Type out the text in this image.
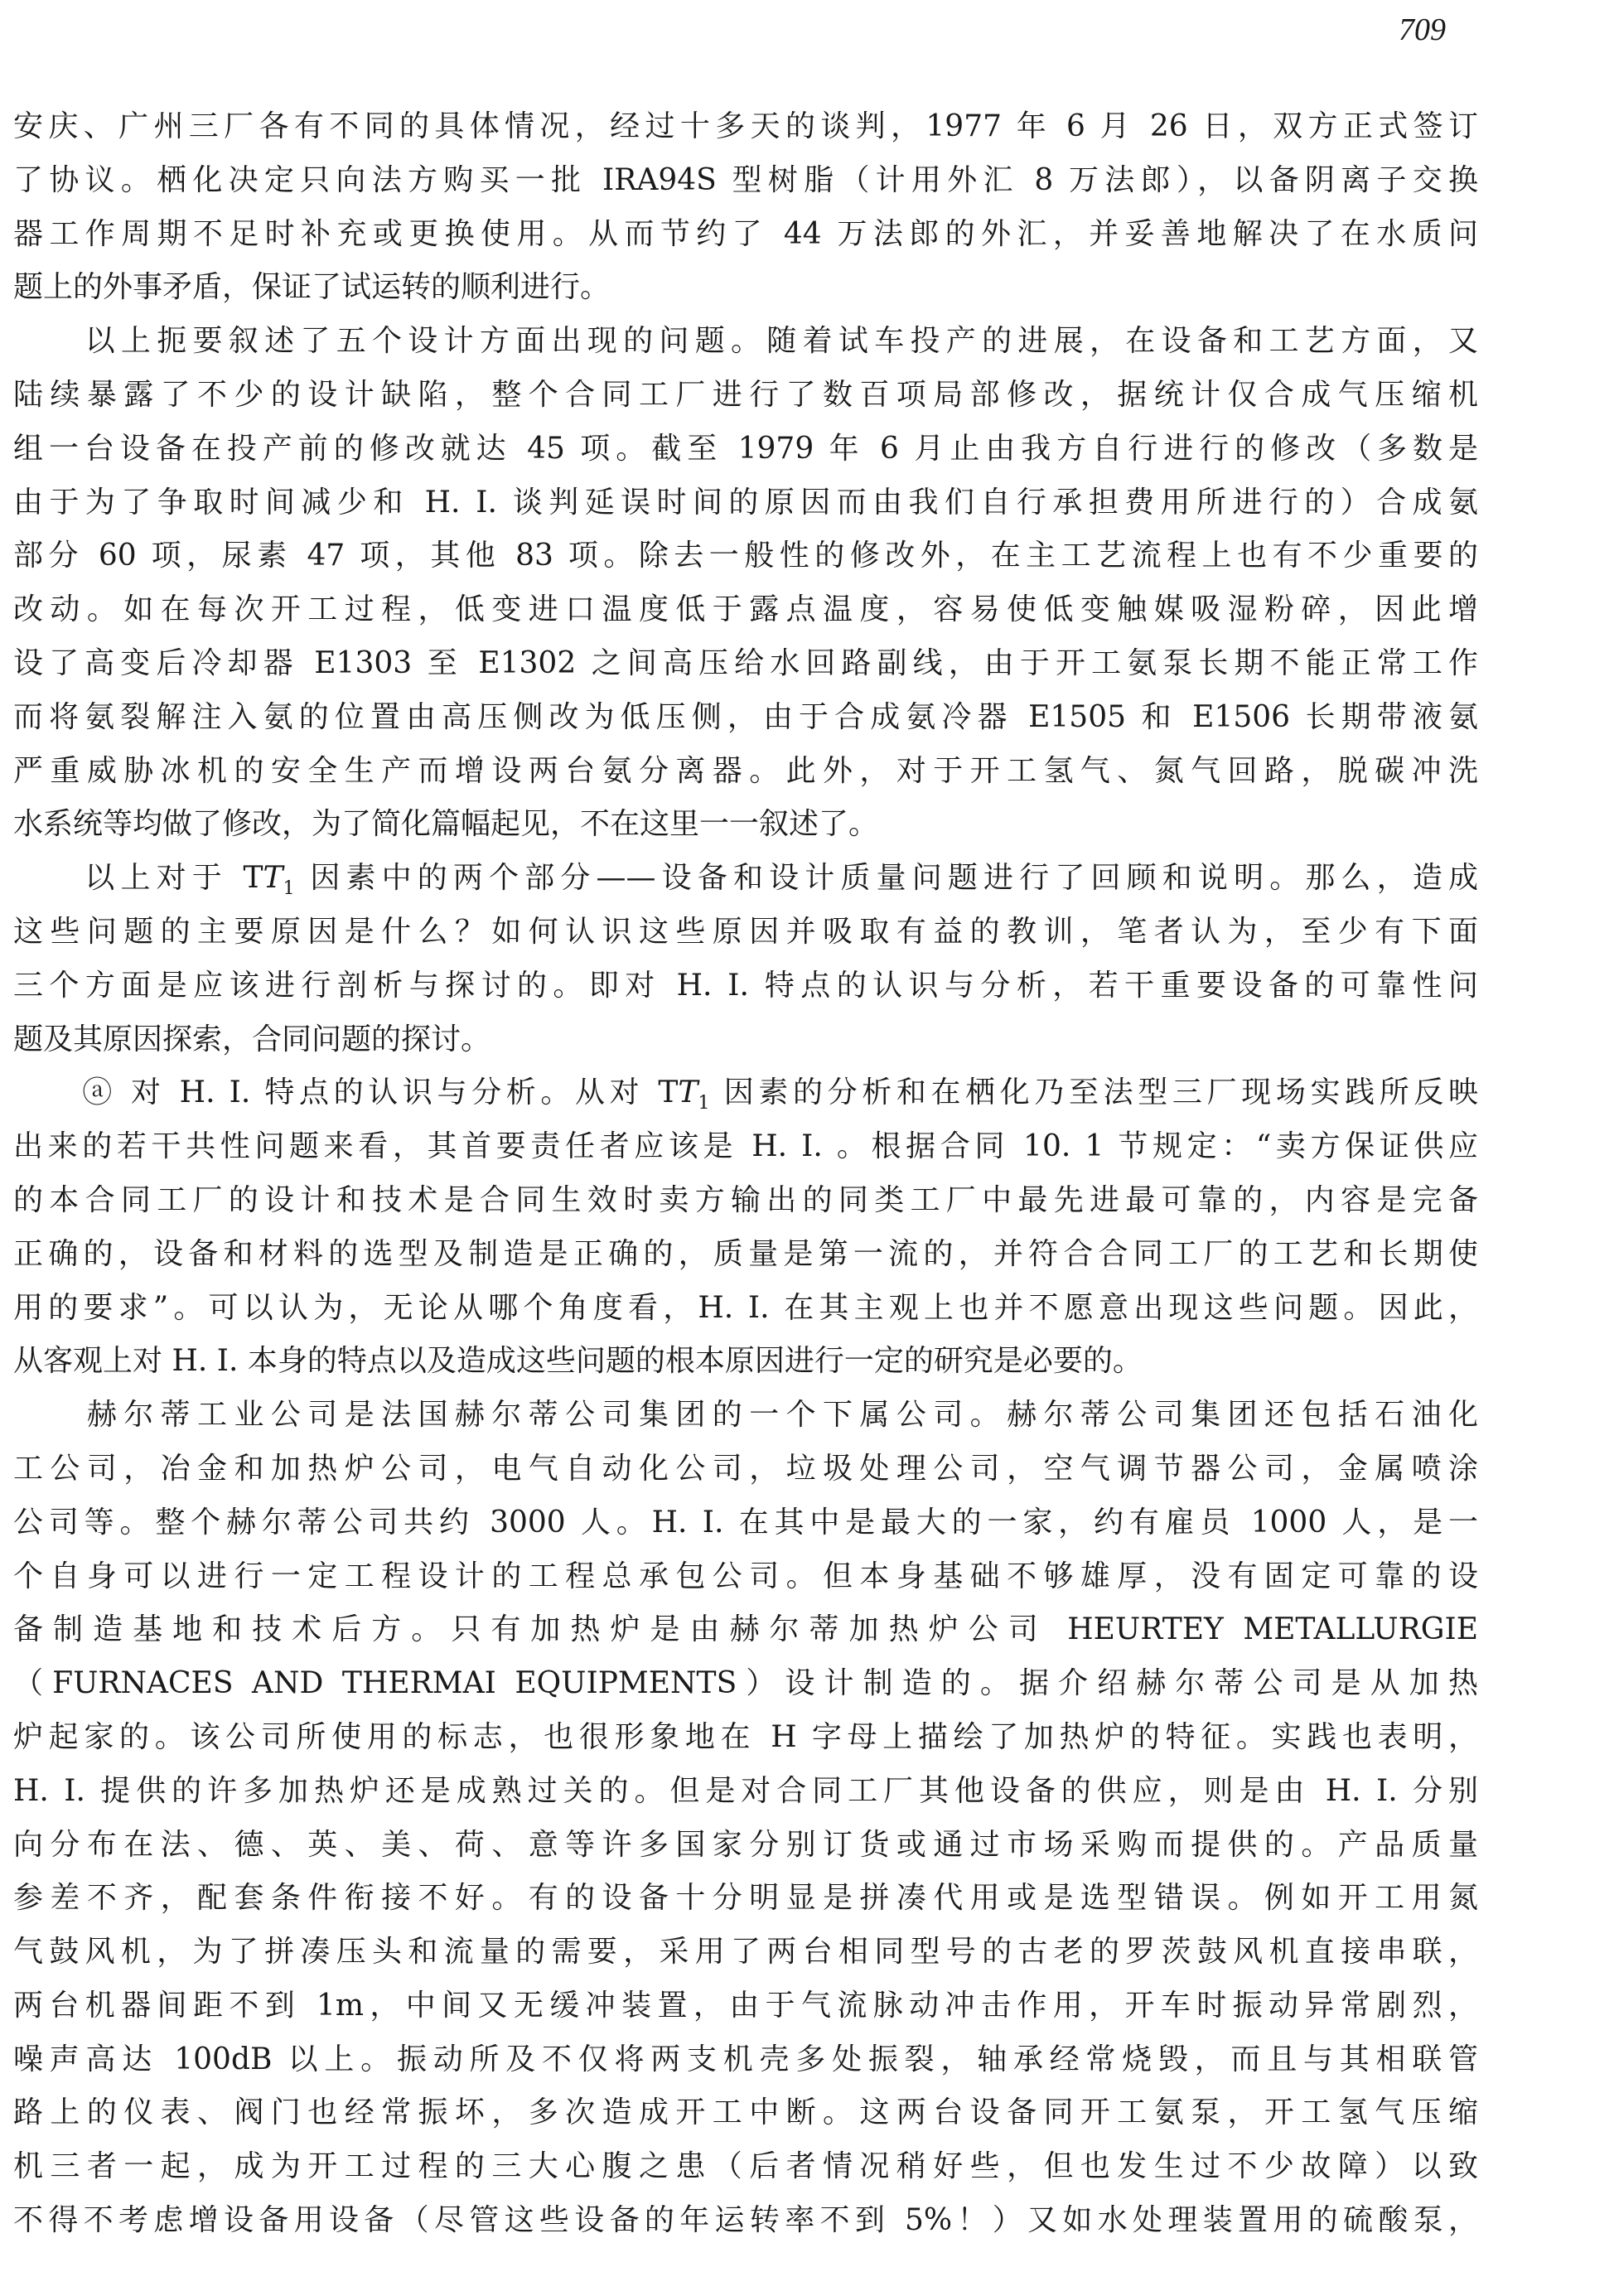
709
安庆、广州三厂各有不同的具体情况，经过十多天的谈判，1977 年 6 月 26 日，双方正式签订
了协议。栖化决定只向法方购买一批 IRA94S 型树脂（计用外汇 8 万法郎），以备阴离子交换
器工作周期不足时补充或更换使用。从而节约了 44 万法郎的外汇，并妥善地解决了在水质问
题上的外事矛盾，保证了试运转的顺利进行。
　　以上扼要叙述了五个设计方面出现的问题。随着试车投产的进展，在设备和工艺方面，又
陆续暴露了不少的设计缺陷，整个合同工厂进行了数百项局部修改，据统计仅合成气压缩机
组一台设备在投产前的修改就达 45 项。截至 1979 年 6 月止由我方自行进行的修改（多数是
由于为了争取时间减少和 H. I. 谈判延误时间的原因而由我们自行承担费用所进行的）合成氨
部分 60 项，尿素 47 项，其他 83 项。除去一般性的修改外，在主工艺流程上也有不少重要的
改动。如在每次开工过程，低变进口温度低于露点温度，容易使低变触媒吸湿粉碎，因此增
设了高变后冷却器 E1303 至 E1302 之间高压给水回路副线，由于开工氨泵长期不能正常工作
而将氨裂解注入氨的位置由高压侧改为低压侧，由于合成氨冷器 E1505 和 E1506 长期带液氨
严重威胁冰机的安全生产而增设两台氨分离器。此外，对于开工氢气、氮气回路，脱碳冲洗
水系统等均做了修改，为了简化篇幅起见，不在这里一一叙述了。
　　以上对于 $TT_1$ 因素中的两个部分——设备和设计质量问题进行了回顾和说明。那么，造成
这些问题的主要原因是什么？如何认识这些原因并吸取有益的教训，笔者认为，至少有下面
三个方面是应该进行剖析与探讨的。即对 H. I. 特点的认识与分析，若干重要设备的可靠性问
题及其原因探索，合同问题的探讨。
　　ⓐ 对 H. I. 特点的认识与分析。从对 $TT_1$ 因素的分析和在栖化乃至法型三厂现场实践所反映
出来的若干共性问题来看，其首要责任者应该是 H. I. 。根据合同 10. 1 节规定：“卖方保证供应
的本合同工厂的设计和技术是合同生效时卖方输出的同类工厂中最先进最可靠的，内容是完备
正确的，设备和材料的选型及制造是正确的，质量是第一流的，并符合合同工厂的工艺和长期使
用的要求”。可以认为，无论从哪个角度看，H. I. 在其主观上也并不愿意出现这些问题。因此，
从客观上对 H. I. 本身的特点以及造成这些问题的根本原因进行一定的研究是必要的。
　　赫尔蒂工业公司是法国赫尔蒂公司集团的一个下属公司。赫尔蒂公司集团还包括石油化
工公司，冶金和加热炉公司，电气自动化公司，垃圾处理公司，空气调节器公司，金属喷涂
公司等。整个赫尔蒂公司共约 3000 人。H. I. 在其中是最大的一家，约有雇员 1000 人，是一
个自身可以进行一定工程设计的工程总承包公司。但本身基础不够雄厚，没有固定可靠的设
备制造基地和技术后方。只有加热炉是由赫尔蒂加热炉公司 HEURTEY METALLURGIE
（FURNACES AND THERMAI EQUIPMENTS）设计制造的。据介绍赫尔蒂公司是从加热
炉起家的。该公司所使用的标志，也很形象地在 H 字母上描绘了加热炉的特征。实践也表明，
H. I. 提供的许多加热炉还是成熟过关的。但是对合同工厂其他设备的供应，则是由 H. I. 分别
向分布在法、德、英、美、荷、意等许多国家分别订货或通过市场采购而提供的。产品质量
参差不齐，配套条件衔接不好。有的设备十分明显是拼凑代用或是选型错误。例如开工用氮
气鼓风机，为了拼凑压头和流量的需要，采用了两台相同型号的古老的罗茨鼓风机直接串联，
两台机器间距不到 1m，中间又无缓冲装置，由于气流脉动冲击作用，开车时振动异常剧烈，
噪声高达 100dB 以上。振动所及不仅将两支机壳多处振裂，轴承经常烧毁，而且与其相联管
路上的仪表、阀门也经常振坏，多次造成开工中断。这两台设备同开工氨泵，开工氢气压缩
机三者一起，成为开工过程的三大心腹之患（后者情况稍好些，但也发生过不少故障）以致
不得不考虑增设备用设备（尽管这些设备的年运转率不到 5%！）又如水处理装置用的硫酸泵，
